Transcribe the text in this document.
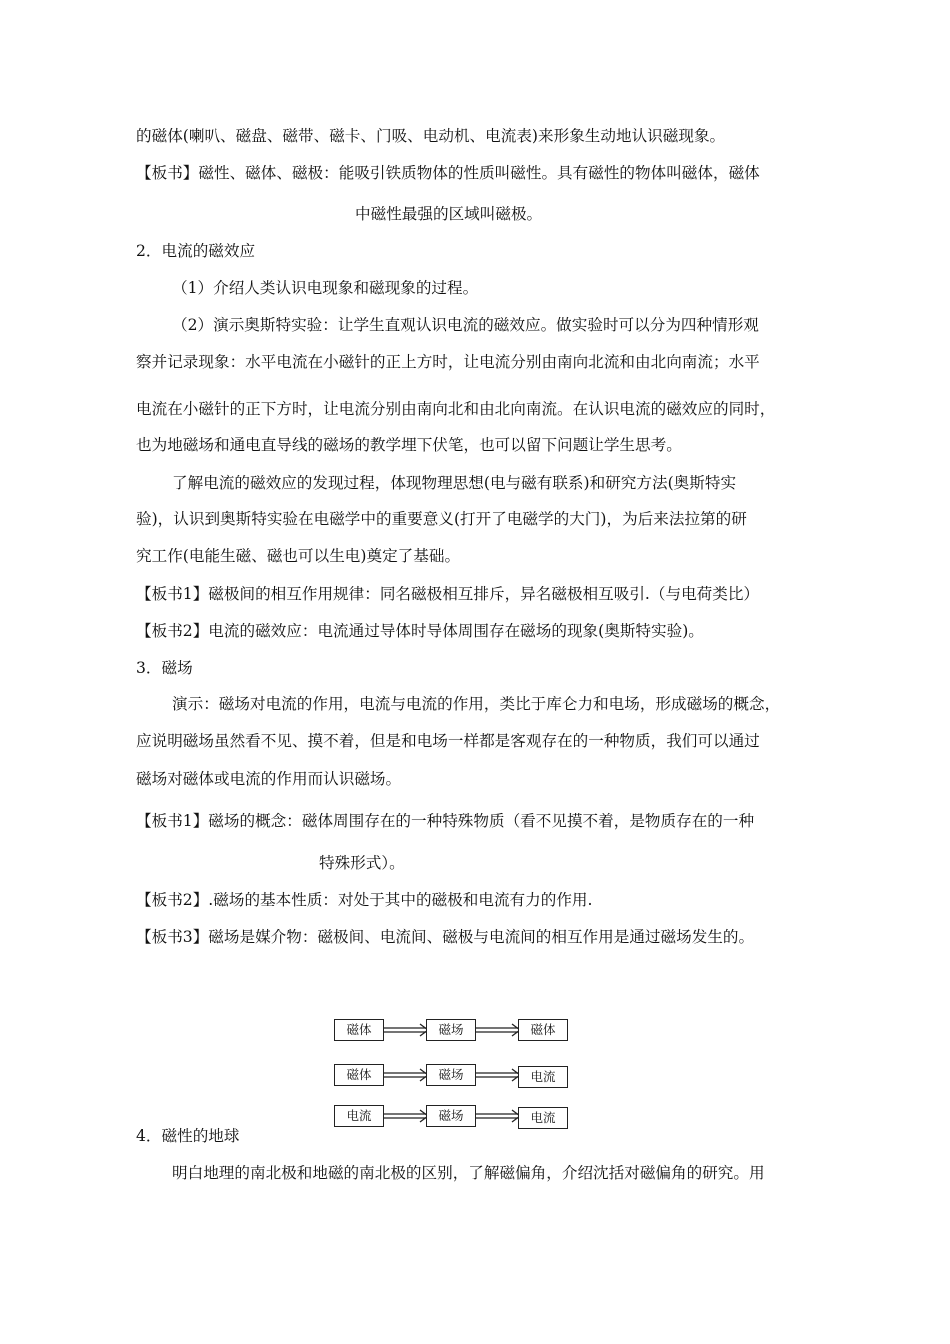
的磁体(喇叭、磁盘、磁带、磁卡、门吸、电动机、电流表)来形象生动地认识磁现象。
【板书】磁性、磁体、磁极：能吸引铁质物体的性质叫磁性。具有磁性的物体叫磁体，磁体
中磁性最强的区域叫磁极。
2．电流的磁效应
（1）介绍人类认识电现象和磁现象的过程。
（2）演示奥斯特实验：让学生直观认识电流的磁效应。做实验时可以分为四种情形观
察并记录现象：水平电流在小磁针的正上方时，让电流分别由南向北流和由北向南流；水平
电流在小磁针的正下方时，让电流分别由南向北和由北向南流。在认识电流的磁效应的同时，
也为地磁场和通电直导线的磁场的教学埋下伏笔，也可以留下问题让学生思考。
了解电流的磁效应的发现过程，体现物理思想(电与磁有联系)和研究方法(奥斯特实
验)，认识到奥斯特实验在电磁学中的重要意义(打开了电磁学的大门)，为后来法拉第的研
究工作(电能生磁、磁也可以生电)奠定了基础。
【板书1】磁极间的相互作用规律：同名磁极相互排斥，异名磁极相互吸引.（与电荷类比）
【板书2】电流的磁效应：电流通过导体时导体周围存在磁场的现象(奥斯特实验)。
3．磁场
演示：磁场对电流的作用，电流与电流的作用，类比于库仑力和电场，形成磁场的概念，
应说明磁场虽然看不见、摸不着，但是和电场一样都是客观存在的一种物质，我们可以通过
磁场对磁体或电流的作用而认识磁场。
【板书1】磁场的概念：磁体周围存在的一种特殊物质（看不见摸不着，是物质存在的一种
特殊形式）。
【板书2】.磁场的基本性质：对处于其中的磁极和电流有力的作用.
【板书3】磁场是媒介物：磁极间、电流间、磁极与电流间的相互作用是通过磁场发生的。
磁体	磁场	磁体
磁体	磁场	电流
电流	磁场	电流
4．磁性的地球
明白地理的南北极和地磁的南北极的区别，了解磁偏角，介绍沈括对磁偏角的研究。用
